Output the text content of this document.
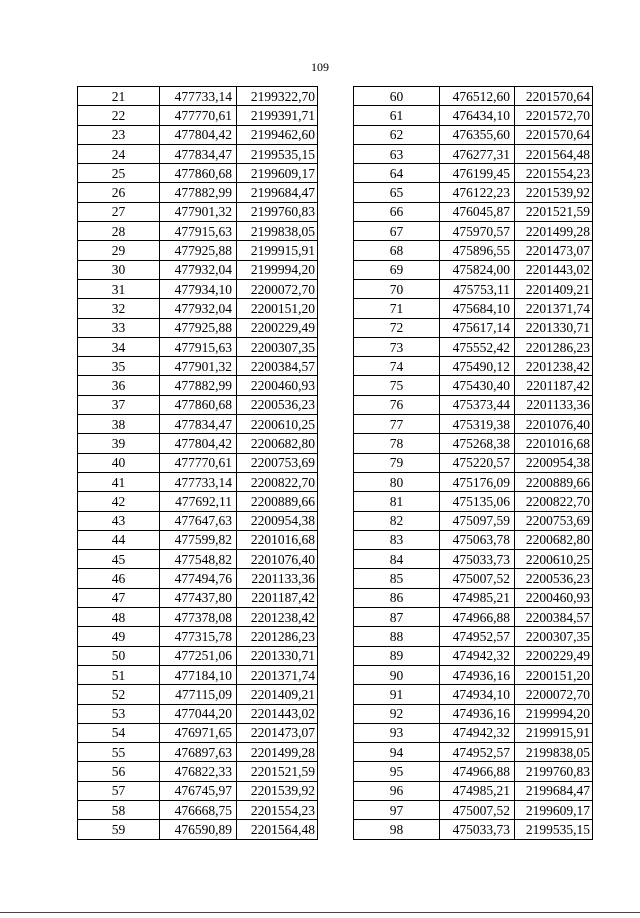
109
21	477733,14	2199322,70
22	477770,61	2199391,71
23	477804,42	2199462,60
24	477834,47	2199535,15
25	477860,68	2199609,17
26	477882,99	2199684,47
27	477901,32	2199760,83
28	477915,63	2199838,05
29	477925,88	2199915,91
30	477932,04	2199994,20
31	477934,10	2200072,70
32	477932,04	2200151,20
33	477925,88	2200229,49
34	477915,63	2200307,35
35	477901,32	2200384,57
36	477882,99	2200460,93
37	477860,68	2200536,23
38	477834,47	2200610,25
39	477804,42	2200682,80
40	477770,61	2200753,69
41	477733,14	2200822,70
42	477692,11	2200889,66
43	477647,63	2200954,38
44	477599,82	2201016,68
45	477548,82	2201076,40
46	477494,76	2201133,36
47	477437,80	2201187,42
48	477378,08	2201238,42
49	477315,78	2201286,23
50	477251,06	2201330,71
51	477184,10	2201371,74
52	477115,09	2201409,21
53	477044,20	2201443,02
54	476971,65	2201473,07
55	476897,63	2201499,28
56	476822,33	2201521,59
57	476745,97	2201539,92
58	476668,75	2201554,23
59	476590,89	2201564,48
60	476512,60	2201570,64
61	476434,10	2201572,70
62	476355,60	2201570,64
63	476277,31	2201564,48
64	476199,45	2201554,23
65	476122,23	2201539,92
66	476045,87	2201521,59
67	475970,57	2201499,28
68	475896,55	2201473,07
69	475824,00	2201443,02
70	475753,11	2201409,21
71	475684,10	2201371,74
72	475617,14	2201330,71
73	475552,42	2201286,23
74	475490,12	2201238,42
75	475430,40	2201187,42
76	475373,44	2201133,36
77	475319,38	2201076,40
78	475268,38	2201016,68
79	475220,57	2200954,38
80	475176,09	2200889,66
81	475135,06	2200822,70
82	475097,59	2200753,69
83	475063,78	2200682,80
84	475033,73	2200610,25
85	475007,52	2200536,23
86	474985,21	2200460,93
87	474966,88	2200384,57
88	474952,57	2200307,35
89	474942,32	2200229,49
90	474936,16	2200151,20
91	474934,10	2200072,70
92	474936,16	2199994,20
93	474942,32	2199915,91
94	474952,57	2199838,05
95	474966,88	2199760,83
96	474985,21	2199684,47
97	475007,52	2199609,17
98	475033,73	2199535,15
